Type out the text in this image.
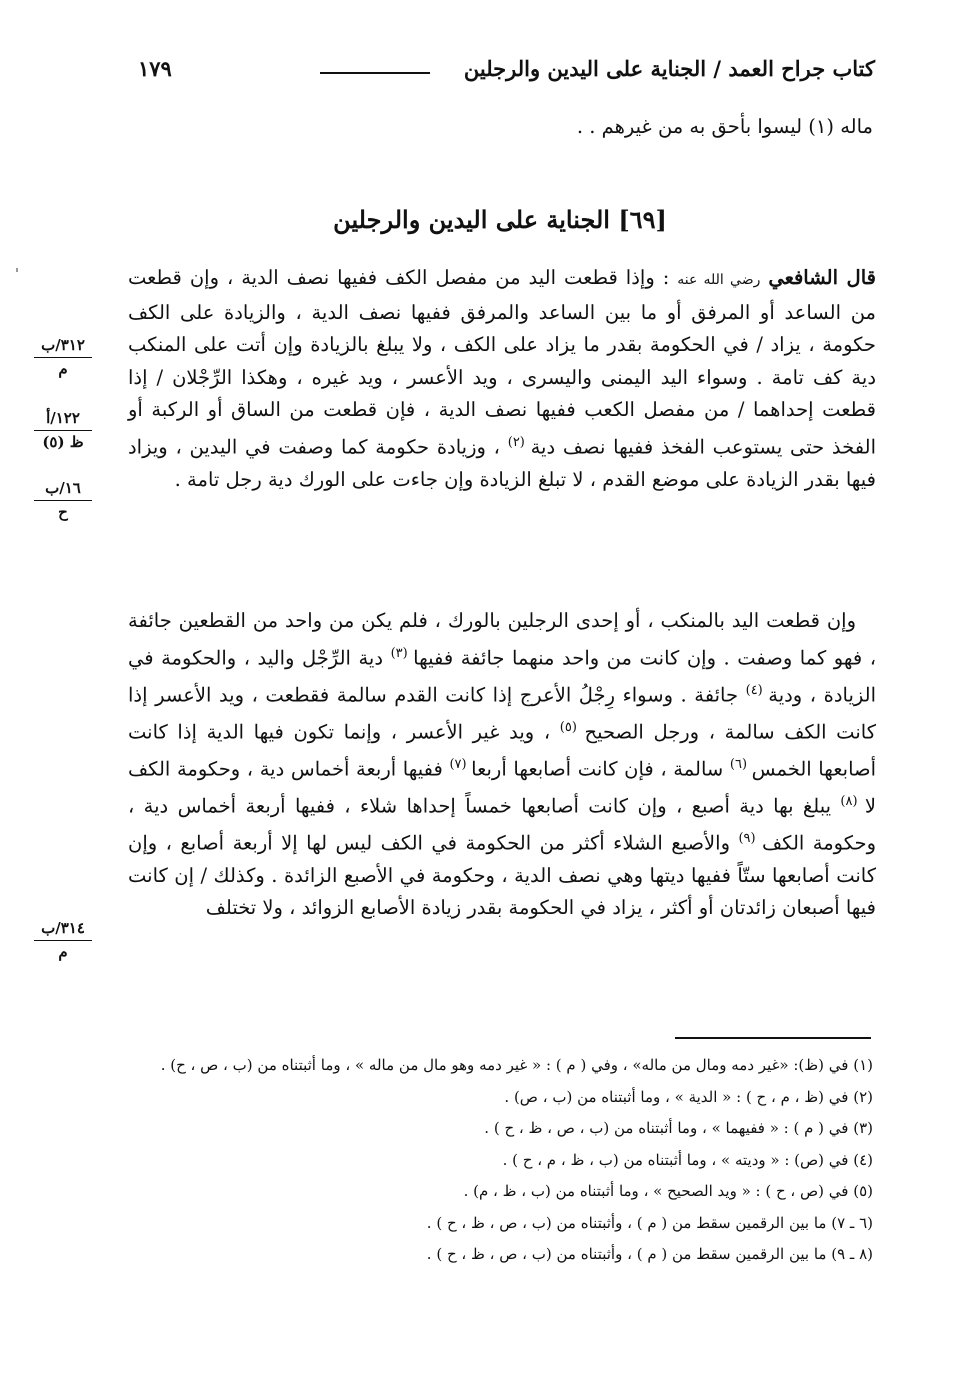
كتاب جراح العمد / الجناية على اليدين والرجلين
١٧٩
ماله (١) ليسوا بأحق به من غيرهم . .
[٦٩] الجناية على اليدين والرجلين
قال الشافعي رضي الله عنه : وإذا قطعت اليد من مفصل الكف ففيها نصف الدية ، وإن قطعت من الساعد أو المرفق أو ما بين الساعد والمرفق ففيها نصف الدية ، والزيادة على الكف حكومة ، يزاد / في الحكومة بقدر ما يزاد على الكف ، ولا يبلغ بالزيادة وإن أتت على المنكب دية كف تامة . وسواء اليد اليمنى واليسرى ، ويد الأعسر ، ويد غيره ، وهكذا الرِّجْلان / إذا قطعت إحداهما / من مفصل الكعب ففيها نصف الدية ، فإن قطعت من الساق أو الركبة أو الفخذ حتى يستوعب الفخذ ففيها نصف دية $^{(٢)}$ ، وزيادة حكومة كما وصفت في اليدين ، ويزاد فيها بقدر الزيادة على موضع القدم ، لا تبلغ الزيادة وإن جاءت على الورك دية رجل تامة .
وإن قطعت اليد بالمنكب ، أو إحدى الرجلين بالورك ، فلم يكن من واحد من القطعين جائفة ، فهو كما وصفت . وإن كانت من واحد منهما جائفة ففيها $^{(٣)}$ دية الرِّجْل واليد ، والحكومة في الزيادة ، ودية $^{(٤)}$ جائفة . وسواء رِجْلُ الأعرج إذا كانت القدم سالمة فقطعت ، ويد الأعسر إذا كانت الكف سالمة ، ورجل الصحيح $^{(٥)}$ ، ويد غير الأعسر ، وإنما تكون فيها الدية إذا كانت أصابعها الخمس $^{(٦)}$ سالمة ، فإن كانت أصابعها أربعا $^{(٧)}$ ففيها أربعة أخماس دية ، وحكومة الكف لا $^{(٨)}$ يبلغ بها دية أصبع ، وإن كانت أصابعها خمساً إحداها شلاء ، ففيها أربعة أخماس دية ، وحكومة الكف $^{(٩)}$ والأصبع الشلاء أكثر من الحكومة في الكف ليس لها إلا أربعة أصابع ، وإن كانت أصابعها ستّاً ففيها ديتها وهي نصف الدية ، وحكومة في الأصبع الزائدة . وكذلك / إن كانت فيها أصبعان زائدتان أو أكثر ، يزاد في الحكومة بقدر زيادة الأصابع الزوائد ، ولا تختلف
٣١٢/ب
م
١٢٢/أ
ظ (٥)
١٦/ب
ح
٣١٤/ب
م
(١) في (ظ): «غير دمه ومال من ماله» ، وفي ( م ) : « غير دمه وهو مال من ماله » ، وما أثبتناه من (ب ، ص ، ح) .
(٢) في (ظ ، م ، ح ) : « الدية » ، وما أثبتناه من (ب ، ص) .
(٣) في ( م ) : « ففيهما » ، وما أثبتناه من (ب ، ص ، ظ ، ح ) .
(٤) في (ص) : « وديته » ، وما أثبتناه من (ب ، ظ ، م ، ح ) .
(٥) في (ص ، ح ) : « ويد الصحيح » ، وما أثبتناه من (ب ، ظ ، م) .
(٦ ـ ٧) ما بين الرقمين سقط من ( م ) ، وأثبتناه من (ب ، ص ، ظ ، ح ) .
(٨ ـ ٩) ما بين الرقمين سقط من ( م ) ، وأثبتناه من (ب ، ص ، ظ ، ح ) .
